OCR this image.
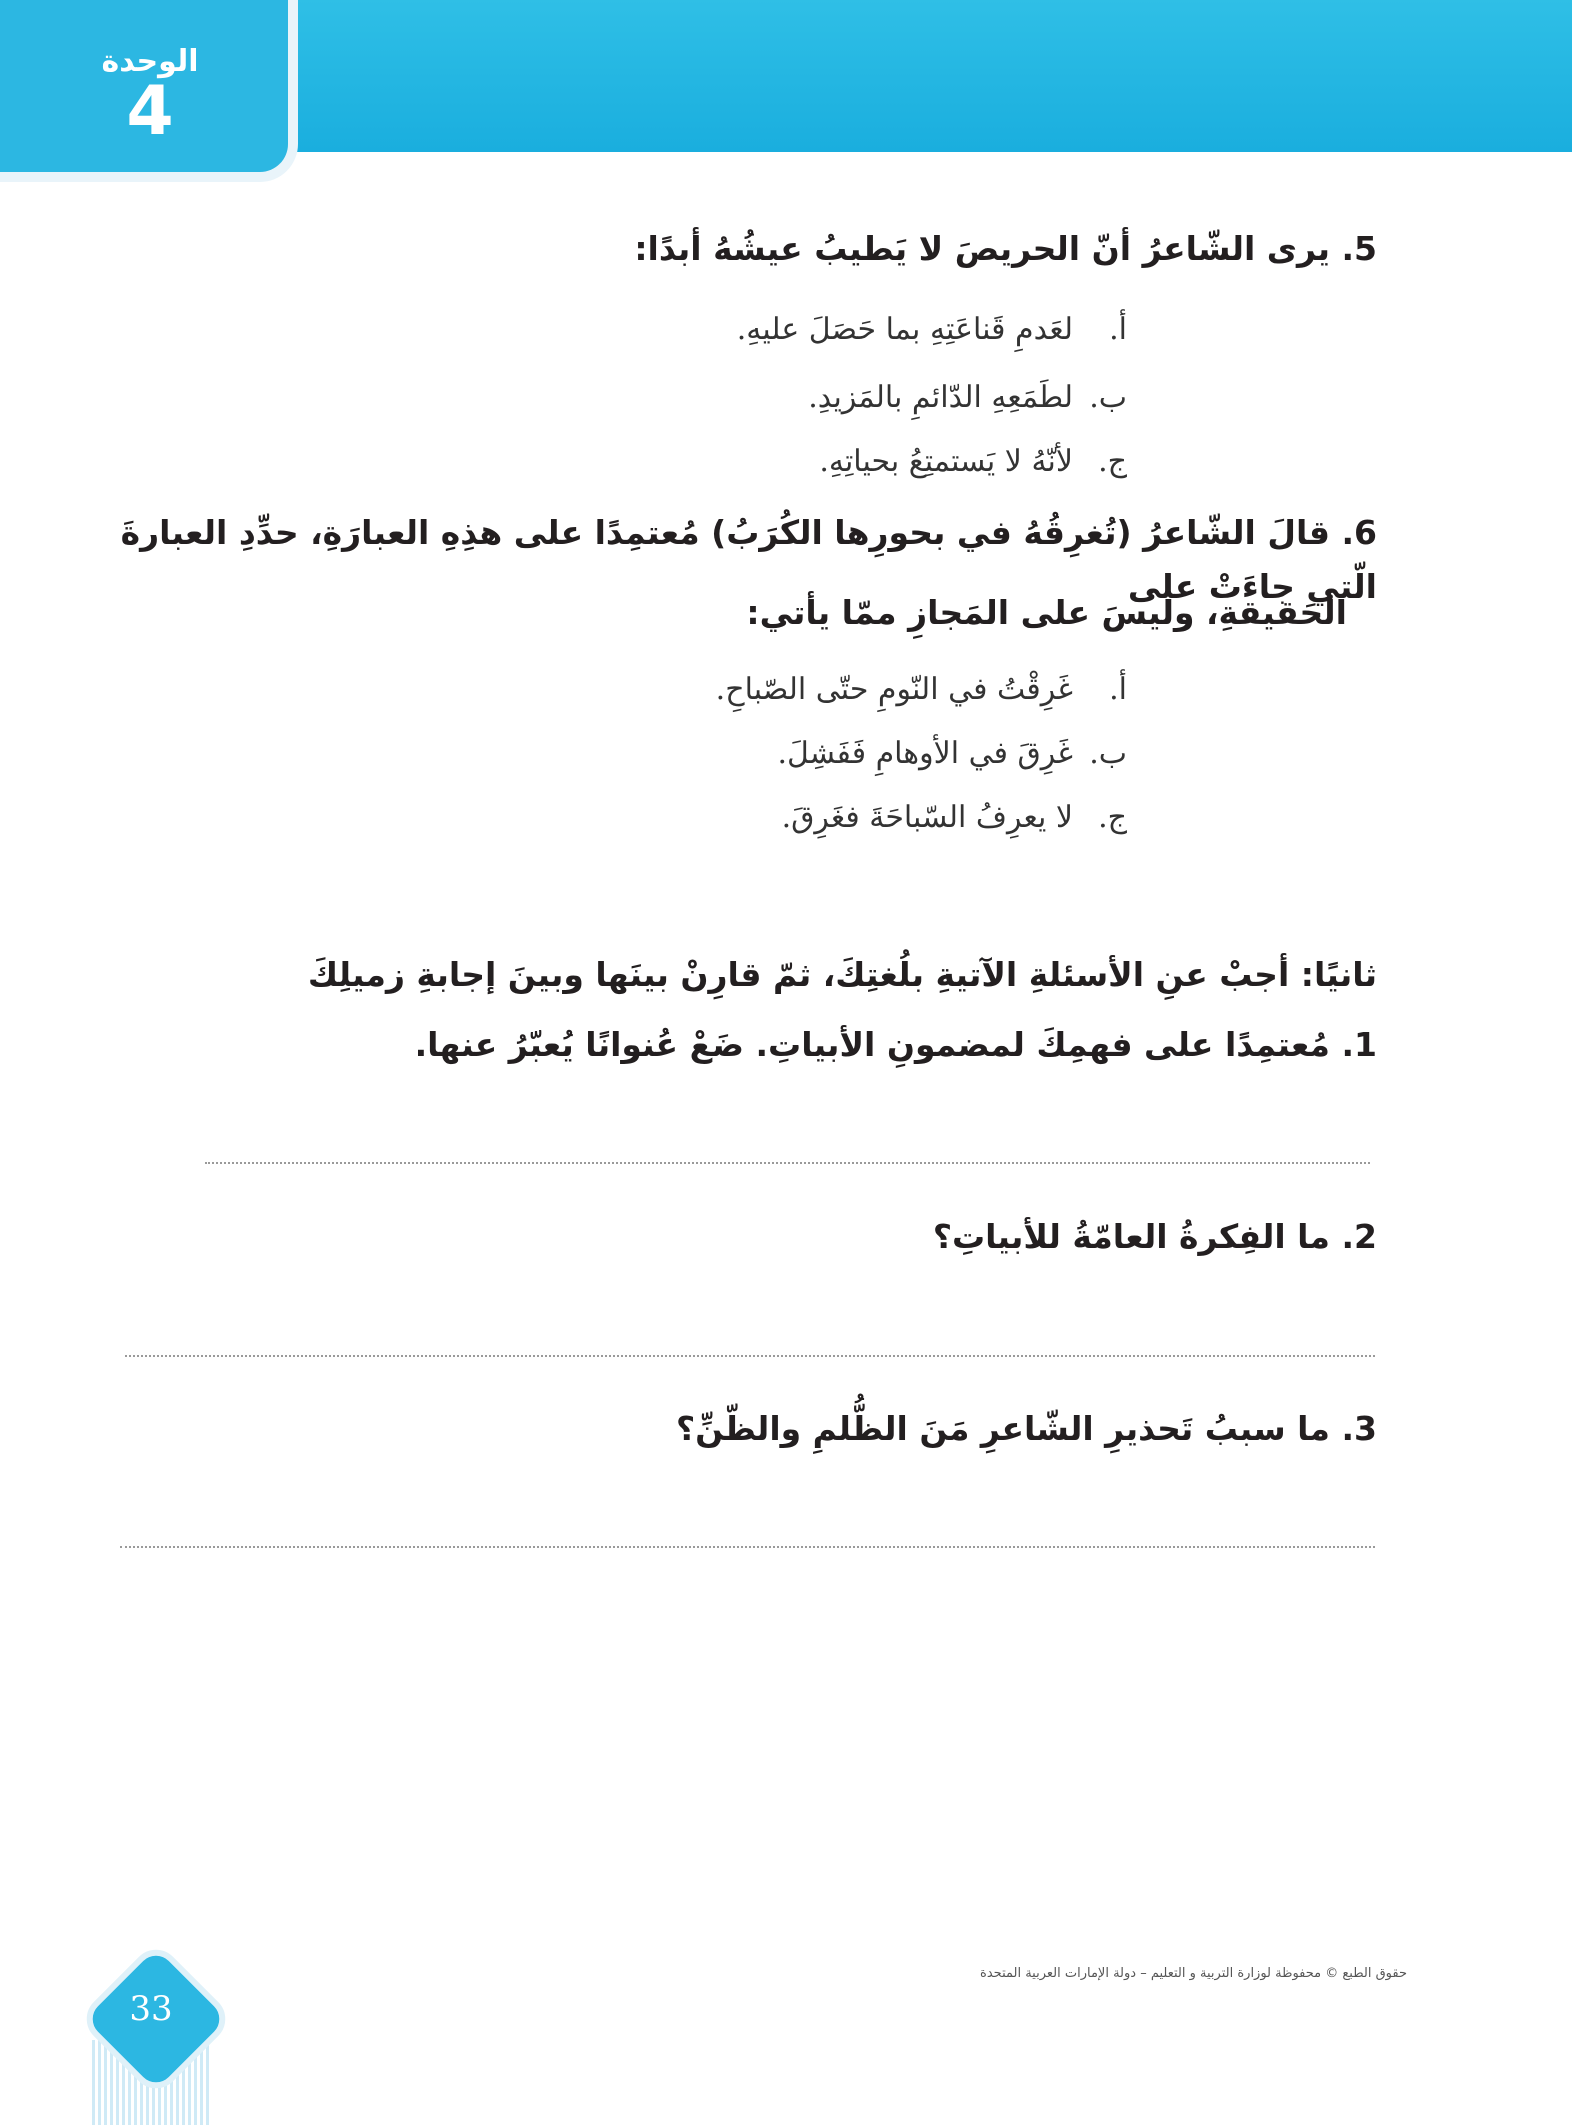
الوحدة
4
5. يرى الشّاعرُ أنّ الحريصَ لا يَطيبُ عيشُهُ أبدًا:
أ.لعَدمِ قَناعَتِهِ بما حَصَلَ عليهِ.
ب.لطَمَعِهِ الدّائمِ بالمَزيدِ.
ج.لأنّهُ لا يَستمتِعُ بحياتِهِ.
6. قالَ الشّاعرُ (تُغرِقُهُ في بحورِها الكُرَبُ) مُعتمِدًا على هذِهِ العبارَةِ، حدِّدِ العبارةَ الّتي جاءَتْ على
الحَقيقةِ، وليسَ على المَجازِ ممّا يأتي:
أ.غَرِقْتُ في النّومِ حتّى الصّباحِ.
ب.غَرِقَ في الأوهامِ فَفَشِلَ.
ج.لا يعرِفُ السّباحَةَ فغَرِقَ.
ثانيًا: أجبْ عنِ الأسئلةِ الآتيةِ بلُغتِكَ، ثمّ قارِنْ بينَها وبينَ إجابةِ زميلِكَ
1. مُعتمِدًا على فهمِكَ لمضمونِ الأبياتِ. ضَعْ عُنوانًا يُعبّرُ عنها.
2. ما الفِكرةُ العامّةُ للأبياتِ؟
3. ما سببُ تَحذيرِ الشّاعرِ مَنَ الظُّلمِ والظّنِّ؟
33
حقوق الطبع © محفوظة لوزارة التربية و التعليم – دولة الإمارات العربية المتحدة
